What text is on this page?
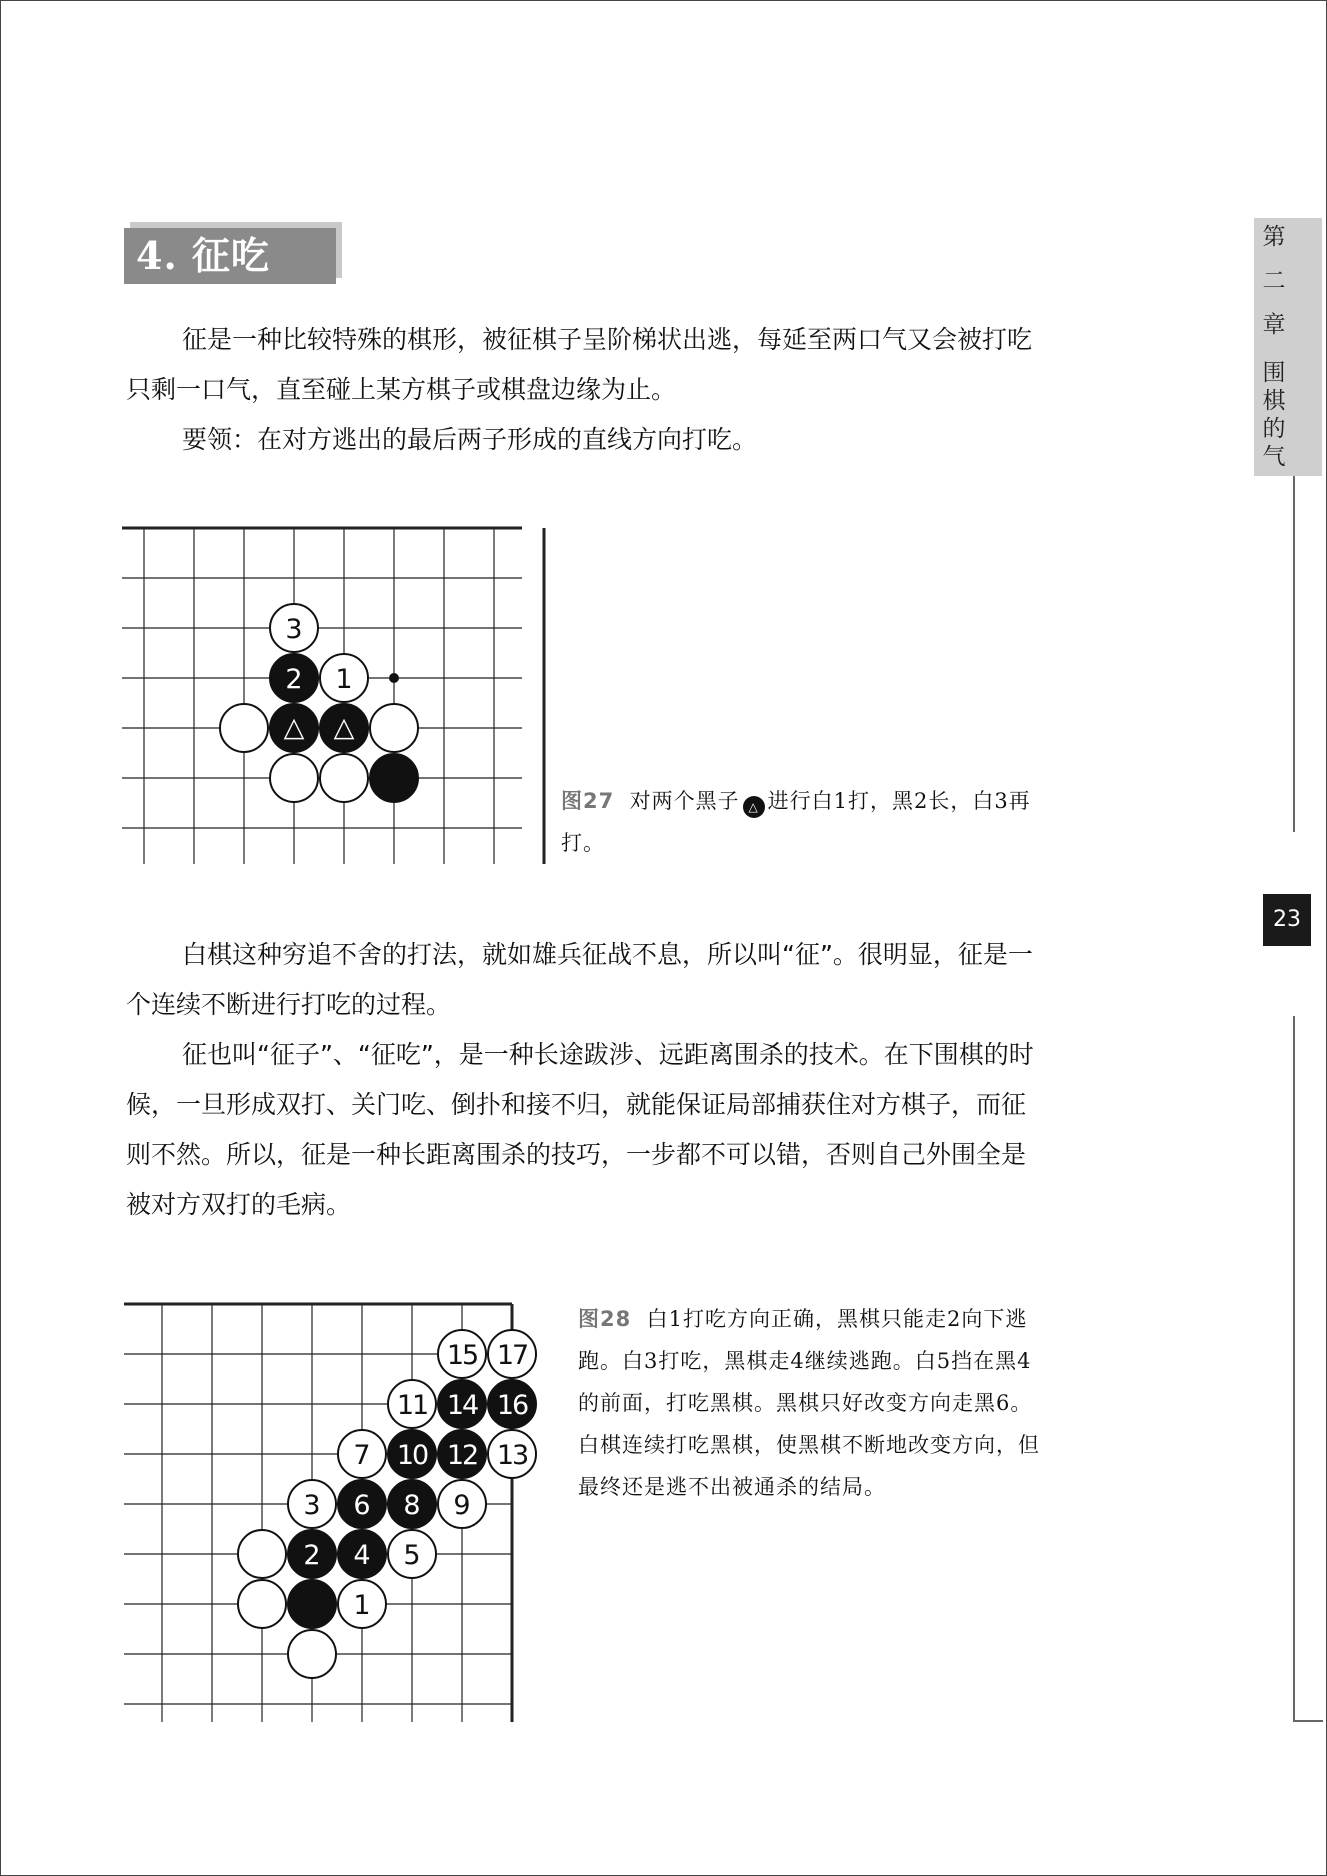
4. 征吃

征是一种比较特殊的棋形，被征棋子呈阶梯状出逃，每延至两口气又会被打吃只剩一口气，直至碰上某方棋子或棋盘边缘为止。

要领：在对方逃出的最后两子形成的直线方向打吃。

△ △
2
3
1
图27 对两个黑子 △ 进行白1打，黑2长，白3再打。

白棋这种穷追不舍的打法，就如雄兵征战不息，所以叫“征”。很明显，征是一个连续不断进行打吃的过程。

征也叫“征子”、“征吃”，是一种长途跋涉、远距离围杀的技术。在下围棋的时候，一旦形成双打、关门吃、倒扑和接不归，就能保证局部捕获住对方棋子，而征则不然。所以，征是一种长距离围杀的技巧，一步都不可以错，否则自己外围全是被对方双打的毛病。

15 17
11 14 16
7 10 12 13
3 6 8 9
2 4 5
1
图28 白1打吃方向正确，黑棋只能走2向下逃跑。白3打吃，黑棋走4继续逃跑。白5挡在黑4的前面，打吃黑棋。黑棋只好改变方向走黑6。白棋连续打吃黑棋，使黑棋不断地改变方向，但最终还是逃不出被通杀的结局。
第
二
章
围
棋
的
气
23
